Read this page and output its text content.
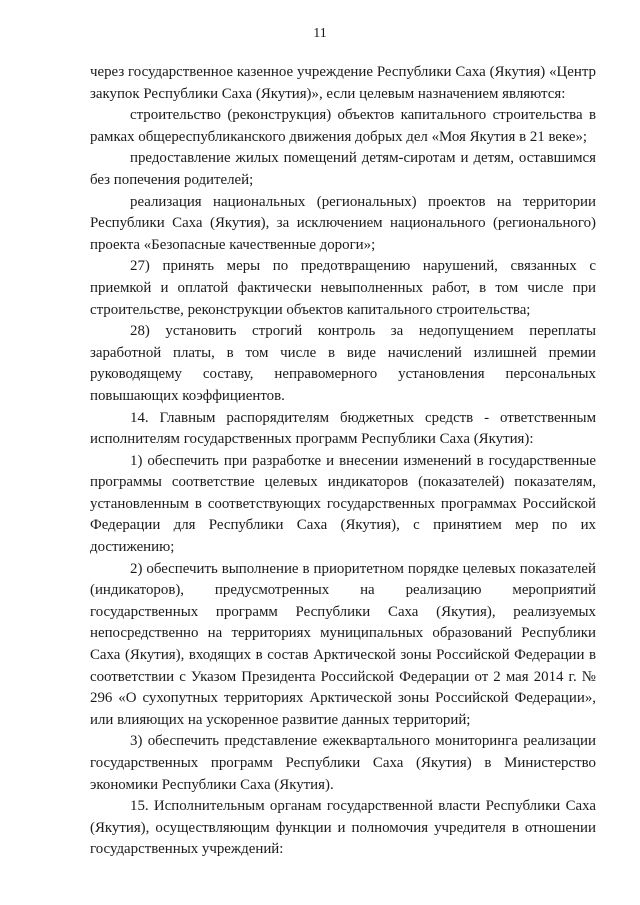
11

через государственное казенное учреждение Республики Саха (Якутия) «Центр закупок Республики Саха (Якутия)», если целевым назначением являются:

строительство (реконструкция) объектов капитального строительства в рамках общереспубликанского движения добрых дел «Моя Якутия в 21 веке»;

предоставление жилых помещений детям-сиротам и детям, оставшимся без попечения родителей;

реализация национальных (региональных) проектов на территории Республики Саха (Якутия), за исключением национального (регионального) проекта «Безопасные качественные дороги»;

27) принять меры по предотвращению нарушений, связанных с приемкой и оплатой фактически невыполненных работ, в том числе при строительстве, реконструкции объектов капитального строительства;

28) установить строгий контроль за недопущением переплаты заработной платы, в том числе в виде начислений излишней премии руководящему составу, неправомерного установления персональных повышающих коэффициентов.

14. Главным распорядителям бюджетных средств - ответственным исполнителям государственных программ Республики Саха (Якутия):

1) обеспечить при разработке и внесении изменений в государственные программы соответствие целевых индикаторов (показателей) показателям, установленным в соответствующих государственных программах Российской Федерации для Республики Саха (Якутия), с принятием мер по их достижению;

2) обеспечить выполнение в приоритетном порядке целевых показателей (индикаторов), предусмотренных на реализацию мероприятий государственных программ Республики Саха (Якутия), реализуемых непосредственно на территориях муниципальных образований Республики Саха (Якутия), входящих в состав Арктической зоны Российской Федерации в соответствии с Указом Президента Российской Федерации от 2 мая 2014 г. № 296 «О сухопутных территориях Арктической зоны Российской Федерации», или влияющих на ускоренное развитие данных территорий;

3) обеспечить представление ежеквартального мониторинга реализации государственных программ Республики Саха (Якутия) в Министерство экономики Республики Саха (Якутия).

15. Исполнительным органам государственной власти Республики Саха (Якутия), осуществляющим функции и полномочия учредителя в отношении государственных учреждений:
